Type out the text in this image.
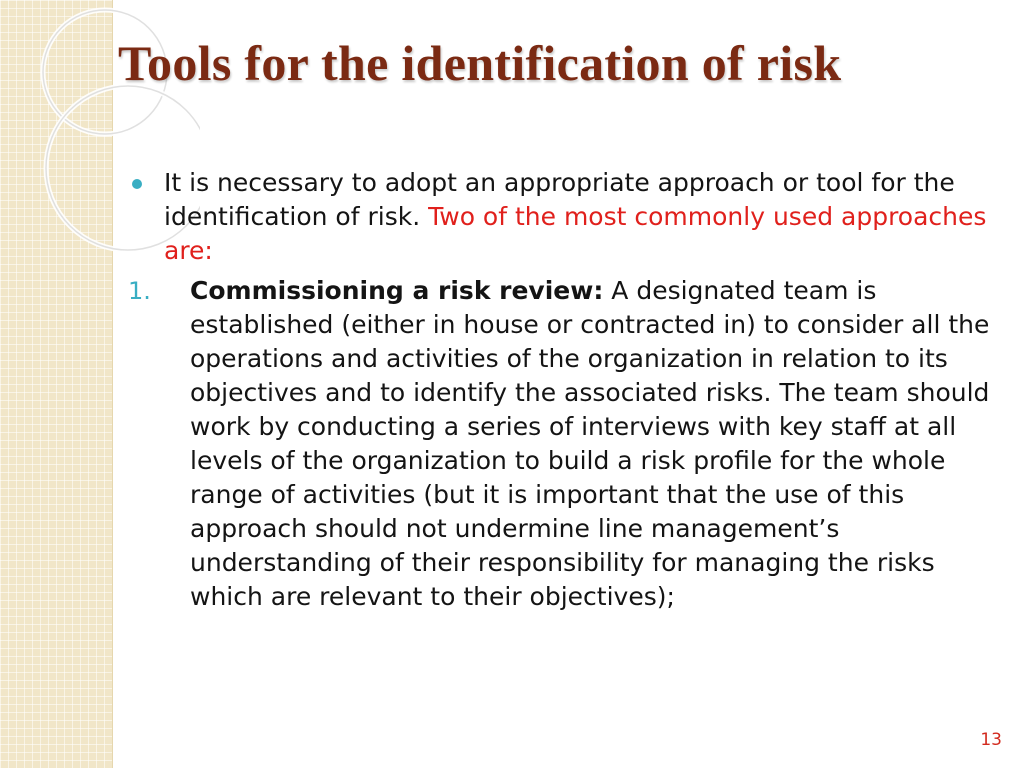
Tools for the identification of risk

It is necessary to adopt an appropriate approach or tool for the identification of risk. Two of the most commonly used approaches are:

1. Commissioning a risk review: A designated team is established (either in house or contracted in) to consider all the operations and activities of the organization in relation to its objectives and to identify the associated risks. The team should work by conducting a series of interviews with key staff at all levels of the organization to build a risk profile for the whole range of activities (but it is important that the use of this approach should not undermine line management’s understanding of their responsibility for managing the risks which are relevant to their objectives);
13
